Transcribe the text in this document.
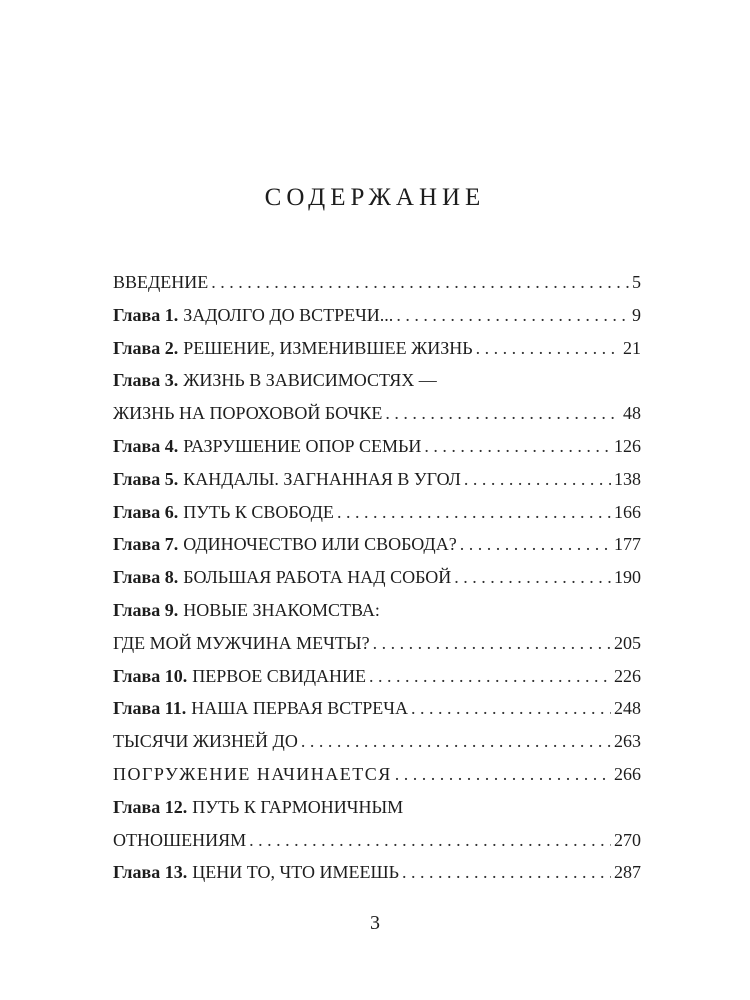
СОДЕРЖАНИЕ
ВВЕДЕНИЕ . . .	5
Глава 1. ЗАДОЛГО ДО ВСТРЕЧИ... . . .	9
Глава 2. РЕШЕНИЕ, ИЗМЕНИВШЕЕ ЖИЗНЬ . . .	21
Глава 3. ЖИЗНЬ В ЗАВИСИМОСТЯХ —
ЖИЗНЬ НА ПОРОХОВОЙ БОЧКЕ . . .	48
Глава 4. РАЗРУШЕНИЕ ОПОР СЕМЬИ . . .	126
Глава 5. КАНДАЛЫ. ЗАГНАННАЯ В УГОЛ . . .	138
Глава 6. ПУТЬ К СВОБОДЕ . . .	166
Глава 7. ОДИНОЧЕСТВО ИЛИ СВОБОДА? . . .	177
Глава 8. БОЛЬШАЯ РАБОТА НАД СОБОЙ . . .	190
Глава 9. НОВЫЕ ЗНАКОМСТВА:
ГДЕ МОЙ МУЖЧИНА МЕЧТЫ? . . .	205
Глава 10. ПЕРВОЕ СВИДАНИЕ . . .	226
Глава 11. НАША ПЕРВАЯ ВСТРЕЧА . . .	248
ТЫСЯЧИ ЖИЗНЕЙ ДО . . .	263
ПОГРУЖЕНИЕ НАЧИНАЕТСЯ . . .	266
Глава 12. ПУТЬ К ГАРМОНИЧНЫМ
ОТНОШЕНИЯМ . . .	270
Глава 13. ЦЕНИ ТО, ЧТО ИМЕЕШЬ . . .	287
3
